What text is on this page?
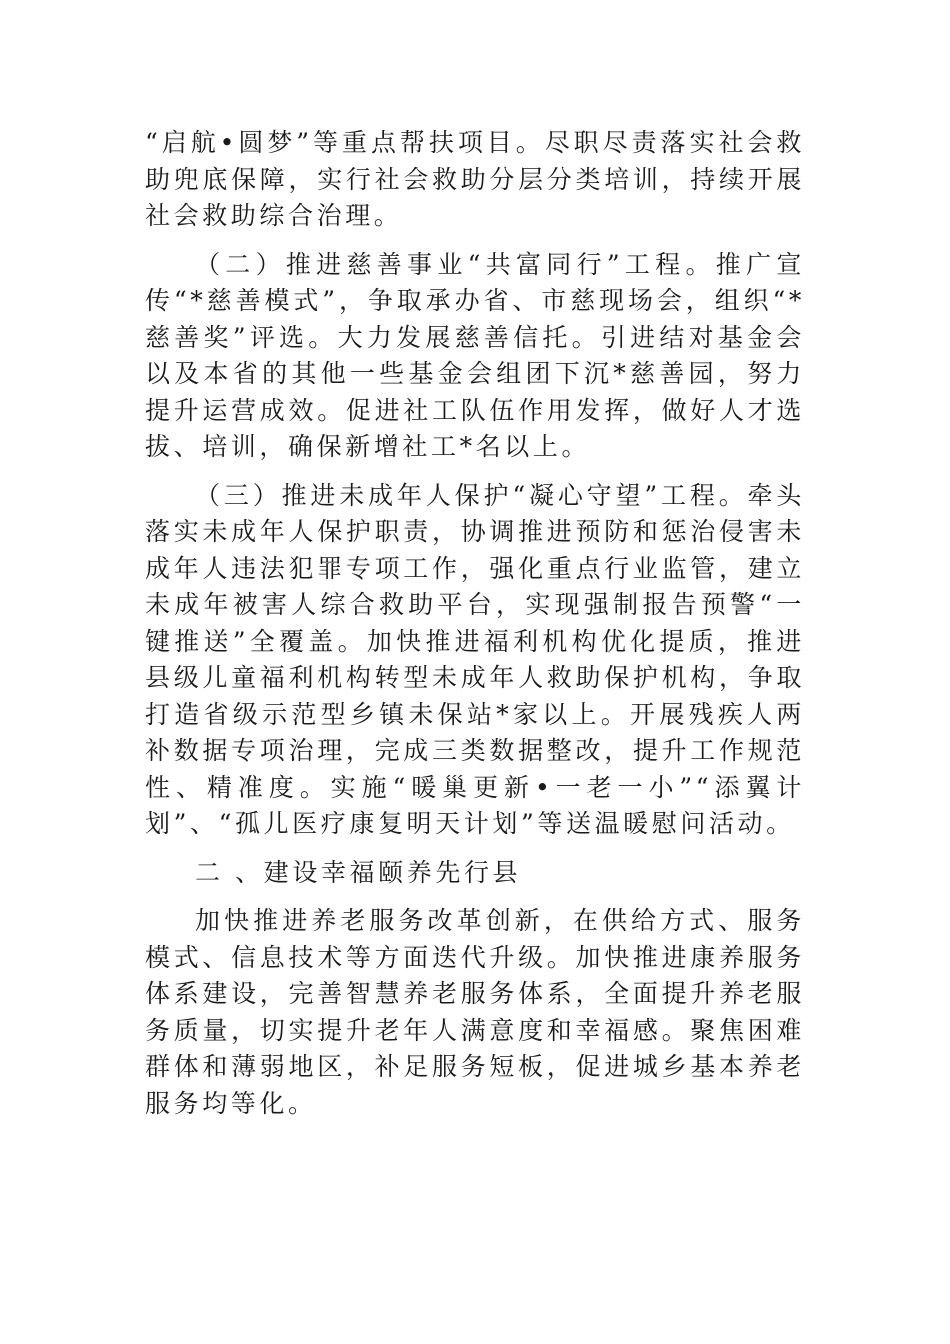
“启航•圆梦”等重点帮扶项目。尽职尽责落实社会救助兜底保障，实行社会救助分层分类培训，持续开展社会救助综合治理。

（二）推进慈善事业“共富同行”工程。推广宣传“*慈善模式”，争取承办省、市慈现场会，组织“*慈善奖”评选。大力发展慈善信托。引进结对基金会以及本省的其他一些基金会组团下沉*慈善园，努力提升运营成效。促进社工队伍作用发挥，做好人才选拔、培训，确保新增社工*名以上。

（三）推进未成年人保护“凝心守望”工程。牵头落实未成年人保护职责，协调推进预防和惩治侵害未成年人违法犯罪专项工作，强化重点行业监管，建立未成年被害人综合救助平台，实现强制报告预警“一键推送”全覆盖。加快推进福利机构优化提质，推进县级儿童福利机构转型未成年人救助保护机构，争取打造省级示范型乡镇未保站*家以上。开展残疾人两补数据专项治理，完成三类数据整改，提升工作规范性、精准度。实施“暖巢更新•一老一小”“添翼计划”、“孤儿医疗康复明天计划”等送温暖慰问活动。

二 、建设幸福颐养先行县

加快推进养老服务改革创新，在供给方式、服务模式、信息技术等方面迭代升级。加快推进康养服务体系建设，完善智慧养老服务体系，全面提升养老服务质量，切实提升老年人满意度和幸福感。聚焦困难群体和薄弱地区，补足服务短板，促进城乡基本养老服务均等化。
